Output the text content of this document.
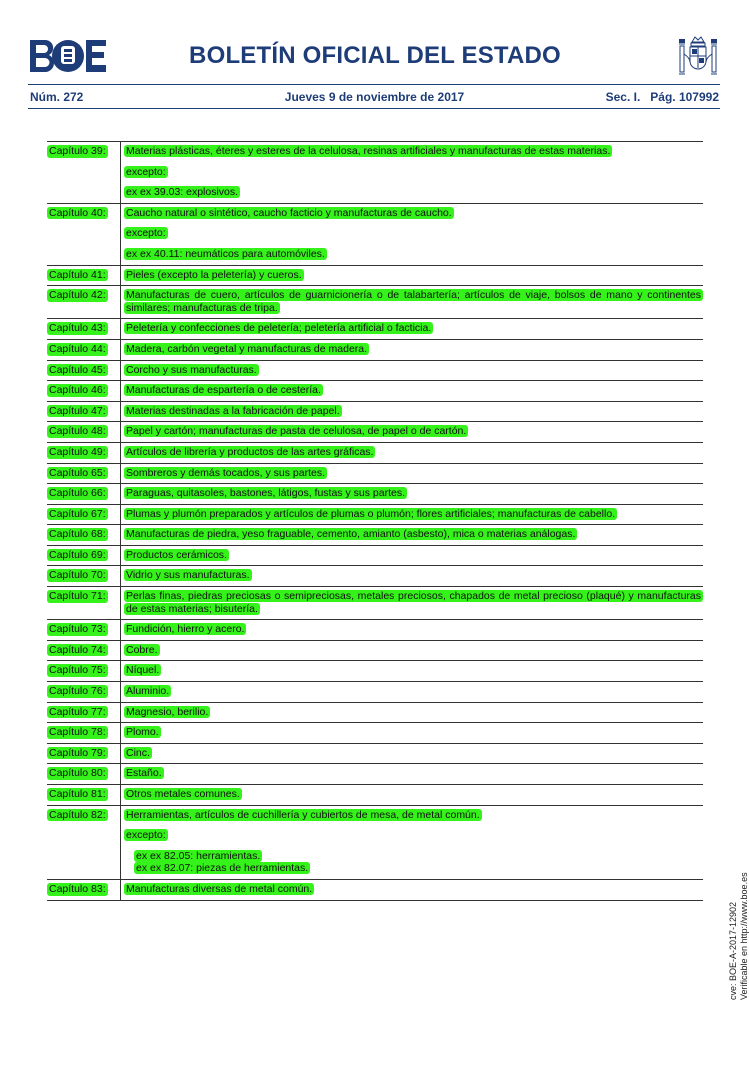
BOLETÍN OFICIAL DEL ESTADO
Núm. 272	Jueves 9 de noviembre de 2017	Sec. I. Pág. 107992
Capítulo 39:	Materias plásticas, éteres y esteres de la celulosa, resinas artificiales y manufacturas de estas materias.
excepto:
ex ex 39.03: explosivos.

Capítulo 40:	Caucho natural o sintético, caucho facticio y manufacturas de caucho.
excepto:
ex ex 40.11: neumáticos para automóviles.

Capítulo 41:	Pieles (excepto la peletería) y cueros.

Capítulo 42:	Manufacturas de cuero, artículos de guarnicionería o de talabartería; artículos de viaje, bolsos de mano y continentes similares; manufacturas de tripa.

Capítulo 43:	Peletería y confecciones de peletería; peletería artificial o facticia.

Capítulo 44:	Madera, carbón vegetal y manufacturas de madera.

Capítulo 45:	Corcho y sus manufacturas.

Capítulo 46:	Manufacturas de espartería o de cestería.

Capítulo 47:	Materias destinadas a la fabricación de papel.

Capítulo 48:	Papel y cartón; manufacturas de pasta de celulosa, de papel o de cartón.

Capítulo 49:	Artículos de librería y productos de las artes gráficas.

Capítulo 65:	Sombreros y demás tocados, y sus partes.

Capítulo 66:	Paraguas, quitasoles, bastones, látigos, fustas y sus partes.

Capítulo 67:	Plumas y plumón preparados y artículos de plumas o plumón; flores artificiales; manufacturas de cabello.

Capítulo 68:	Manufacturas de piedra, yeso fraguable, cemento, amianto (asbesto), mica o materias análogas.

Capítulo 69:	Productos cerámicos.

Capítulo 70:	Vidrio y sus manufacturas.

Capítulo 71:	Perlas finas, piedras preciosas o semipreciosas, metales preciosos, chapados de metal precioso (plaqué) y manufacturas de estas materias; bisutería.

Capítulo 73:	Fundición, hierro y acero.

Capítulo 74:	Cobre.

Capítulo 75:	Níquel.

Capítulo 76:	Aluminio.

Capítulo 77:	Magnesio, berilio.

Capítulo 78:	Plomo.

Capítulo 79:	Cinc.

Capítulo 80:	Estaño.

Capítulo 81:	Otros metales comunes.

Capítulo 82:	Herramientas, artículos de cuchillería y cubiertos de mesa, de metal común.
excepto:
ex ex 82.05: herramientas.
ex ex 82.07: piezas de herramientas.

Capítulo 83:	Manufacturas diversas de metal común.
cve: BOE-A-2017-12902 Verificable en http://www.boe.es
